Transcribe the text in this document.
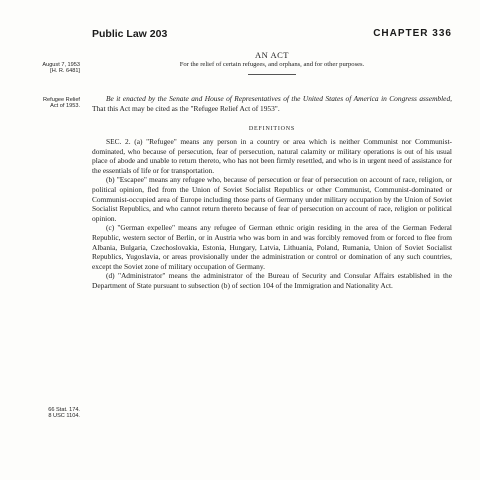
Public Law 203	CHAPTER 336
August 7, 1953
[H. R. 6481]
AN ACT
For the relief of certain refugees, and orphans, and for other purposes.
Refugee Relief
Act of 1953.
Be it enacted by the Senate and House of Representatives of the United States of America in Congress assembled, That this Act may be cited as the "Refugee Relief Act of 1953".
DEFINITIONS

SEC. 2. (a) "Refugee" means any person in a country or area which is neither Communist nor Communist-dominated, who because of persecution, fear of persecution, natural calamity or military operations is out of his usual place of abode and unable to return thereto, who has not been firmly resettled, and who is in urgent need of assistance for the essentials of life or for transportation.

(b) "Escapee" means any refugee who, because of persecution or fear of persecution on account of race, religion, or political opinion, fled from the Union of Soviet Socialist Republics or other Communist, Communist-dominated or Communist-occupied area of Europe including those parts of Germany under military occupation by the Union of Soviet Socialist Republics, and who cannot return thereto because of fear of persecution on account of race, religion or political opinion.

(c) "German expellee" means any refugee of German ethnic origin residing in the area of the German Federal Republic, western sector of Berlin, or in Austria who was born in and was forcibly removed from or forced to flee from Albania, Bulgaria, Czechoslovakia, Estonia, Hungary, Latvia, Lithuania, Poland, Rumania, Union of Soviet Socialist Republics, Yugoslavia, or areas provisionally under the administration or control or domination of any such countries, except the Soviet zone of military occupation of Germany.

(d) "Administrator" means the administrator of the Bureau of Security and Consular Affairs established in the Department of State pursuant to subsection (b) of section 104 of the Immigration and Nationality Act.

66 Stat. 174.
8 USC 1104.
